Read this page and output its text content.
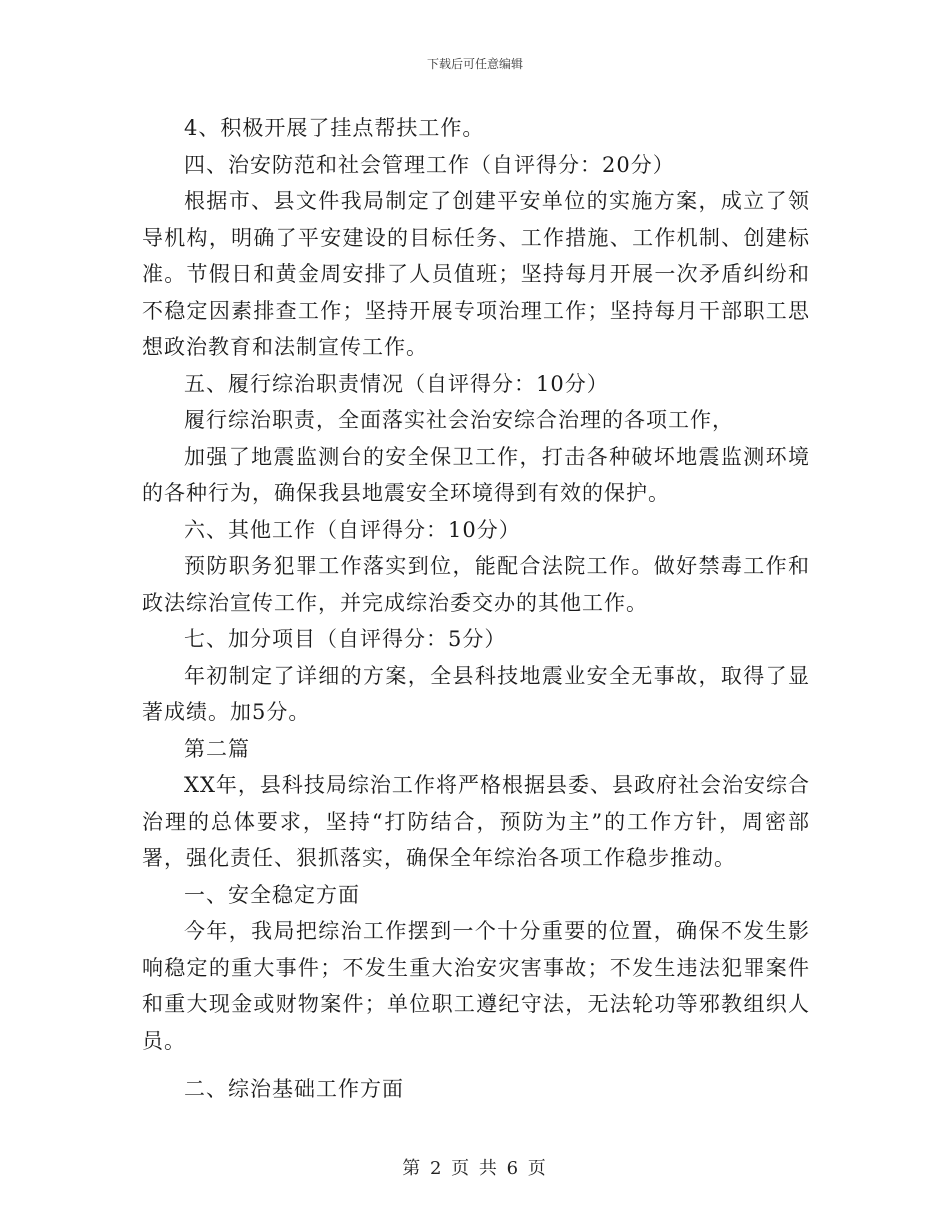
下载后可任意编辑

4、积极开展了挂点帮扶工作。

四、治安防范和社会管理工作（自评得分：20分）

根据市、县文件我局制定了创建平安单位的实施方案，成立了领导机构，明确了平安建设的目标任务、工作措施、工作机制、创建标准。节假日和黄金周安排了人员值班；坚持每月开展一次矛盾纠纷和不稳定因素排查工作；坚持开展专项治理工作；坚持每月干部职工思想政治教育和法制宣传工作。

五、履行综治职责情况（自评得分：10分）

履行综治职责，全面落实社会治安综合治理的各项工作，

加强了地震监测台的安全保卫工作，打击各种破坏地震监测环境的各种行为，确保我县地震安全环境得到有效的保护。

六、其他工作（自评得分：10分）

预防职务犯罪工作落实到位，能配合法院工作。做好禁毒工作和政法综治宣传工作，并完成综治委交办的其他工作。

七、加分项目（自评得分：5分）

年初制定了详细的方案，全县科技地震业安全无事故，取得了显著成绩。加5分。

第二篇

XX年，县科技局综治工作将严格根据县委、县政府社会治安综合治理的总体要求，坚持“打防结合，预防为主”的工作方针，周密部署，强化责任、狠抓落实，确保全年综治各项工作稳步推动。

一、安全稳定方面

今年，我局把综治工作摆到一个十分重要的位置，确保不发生影响稳定的重大事件；不发生重大治安灾害事故；不发生违法犯罪案件和重大现金或财物案件；单位职工遵纪守法，无法轮功等邪教组织人员。

二、综治基础工作方面

第 2 页 共 6 页
